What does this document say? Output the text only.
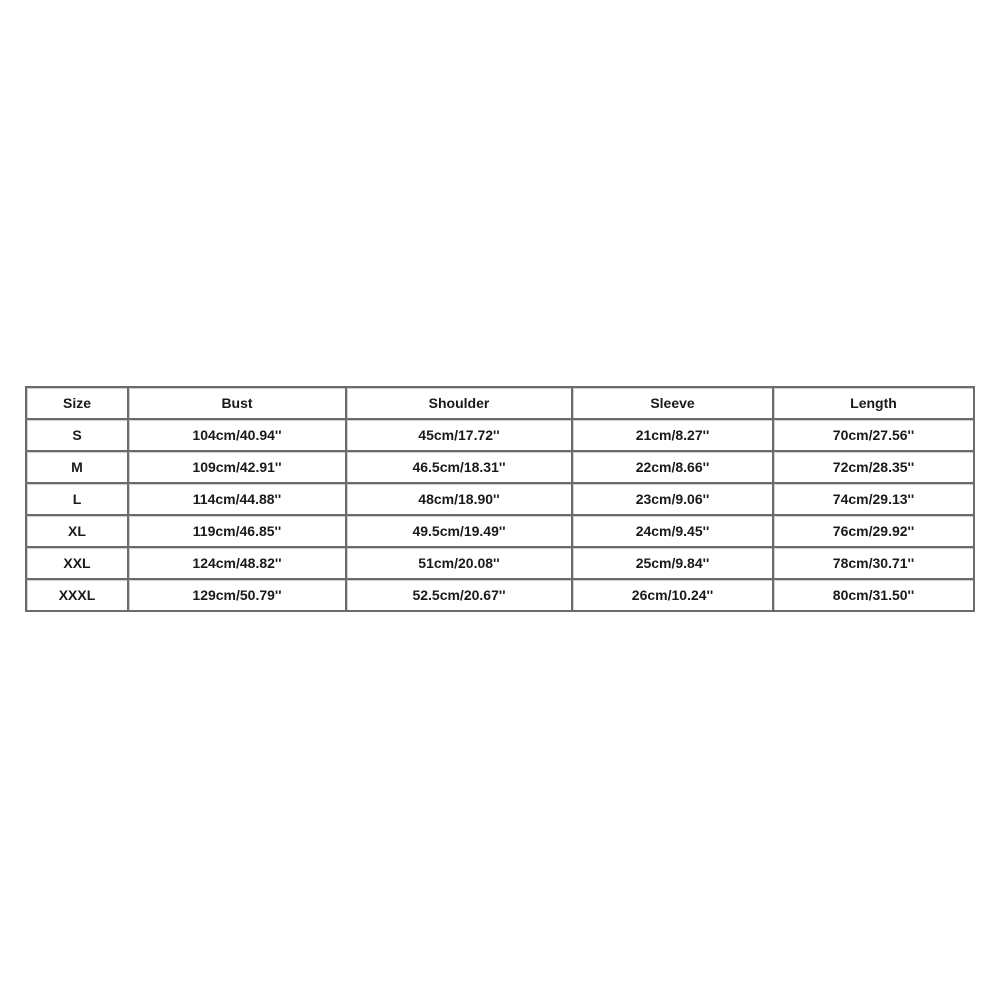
Size	Bust	Shoulder	Sleeve	Length
S	104cm/40.94''	45cm/17.72''	21cm/8.27''	70cm/27.56''
M	109cm/42.91''	46.5cm/18.31''	22cm/8.66''	72cm/28.35''
L	114cm/44.88''	48cm/18.90''	23cm/9.06''	74cm/29.13''
XL	119cm/46.85''	49.5cm/19.49''	24cm/9.45''	76cm/29.92''
XXL	124cm/48.82''	51cm/20.08''	25cm/9.84''	78cm/30.71''
XXXL	129cm/50.79''	52.5cm/20.67''	26cm/10.24''	80cm/31.50''
